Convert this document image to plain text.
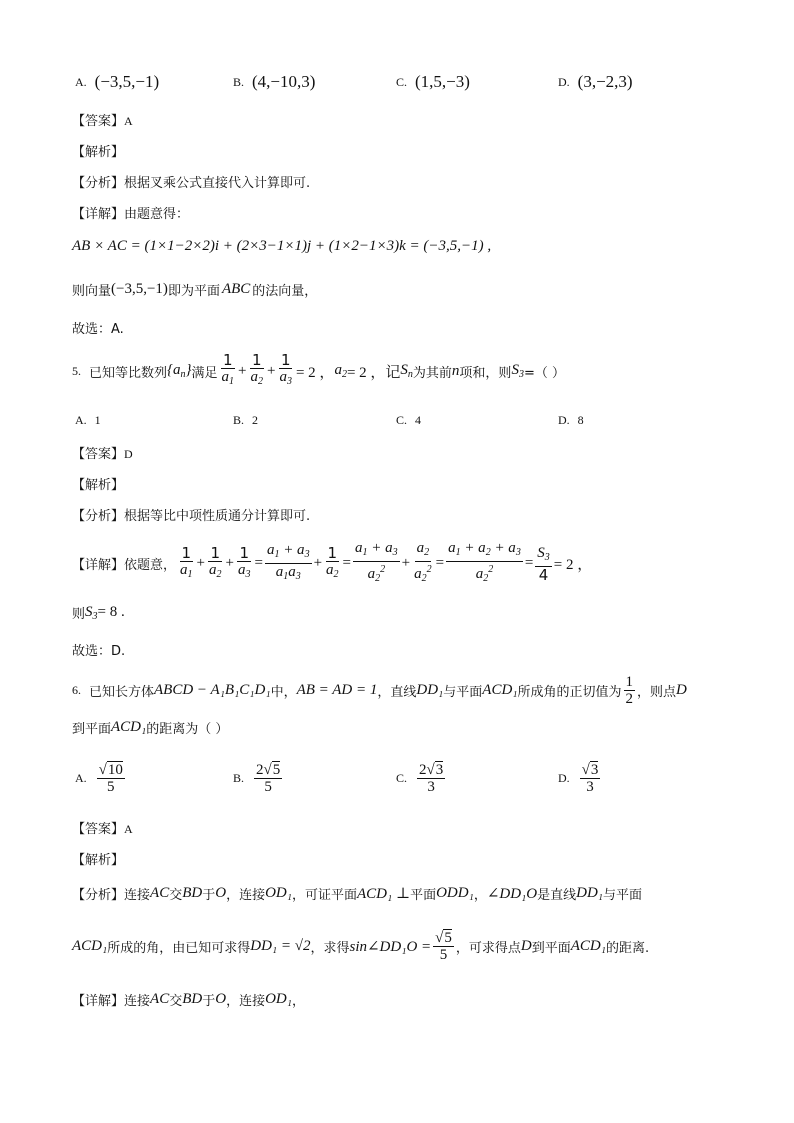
A. (−3,5,−1)	B. (4,−10,3)	C. (1,5,−3)	D. (3,−2,3)
【答案】A
【解析】
【分析】根据叉乘公式直接代入计算即可.
【详解】由题意得：
AB × AC = (1×1−2×2)i + (2×3−1×1)j + (1×2−1×3)k = (−3,5,−1) ,
则向量 (−3,5,−1) 即为平面 ABC 的法向量，
故选：A.
5. 已知等比数列 $\{a_n\}$ 满足 $\frac{1}{a_1} + \frac{1}{a_2} + \frac{1}{a_3} = 2$ ， $a_2 = 2$ ，记 $S_n$ 为其前 n 项和，则 $S_3$ =（ ）
A. 1	B. 2	C. 4	D. 8
【答案】D
【解析】
【分析】根据等比中项性质通分计算即可.
【详解】 依题意， $\frac{1}{a_1} + \frac{1}{a_2} + \frac{1}{a_3} = \frac{a_1 + a_3}{a_1a_3} + \frac{1}{a_2} = \frac{a_1 + a_3}{a_2^2} + \frac{a_2}{a_2^2} = \frac{a_1 + a_2 + a_3}{a_2^2} = \frac{S_3}{4} = 2$ ，
则 $S_3 = 8$ .
故选：D.
6. 已知长方体 ABCD − A₁B₁C₁D₁ 中， AB = AD = 1 ，直线 DD₁ 与平面 ACD₁ 所成角的正切值为 $\frac{1}{2}$ ，则点 D
到平面 ACD₁ 的距离为（ ）
A. $\frac{√10}{5}$	B. $\frac{2√5}{5}$	C. $\frac{2√3}{3}$	D. $\frac{√3}{3}$
【答案】A
【解析】
【分析】 连接 AC 交 BD 于 O ，连接 OD₁ ，可证平面 ACD₁ ⊥ 平面 ODD₁ ， ∠DD₁O 是直线 DD₁ 与平面
ACD₁ 所成的角，由已知可求得 DD₁ = √2 ，求得 sin∠DD₁O = $\frac{√5}{5}$ ，可求得点 D 到平面 ACD₁ 的距离.
【详解】 连接 AC 交 BD 于 O ，连接 OD₁ ，
